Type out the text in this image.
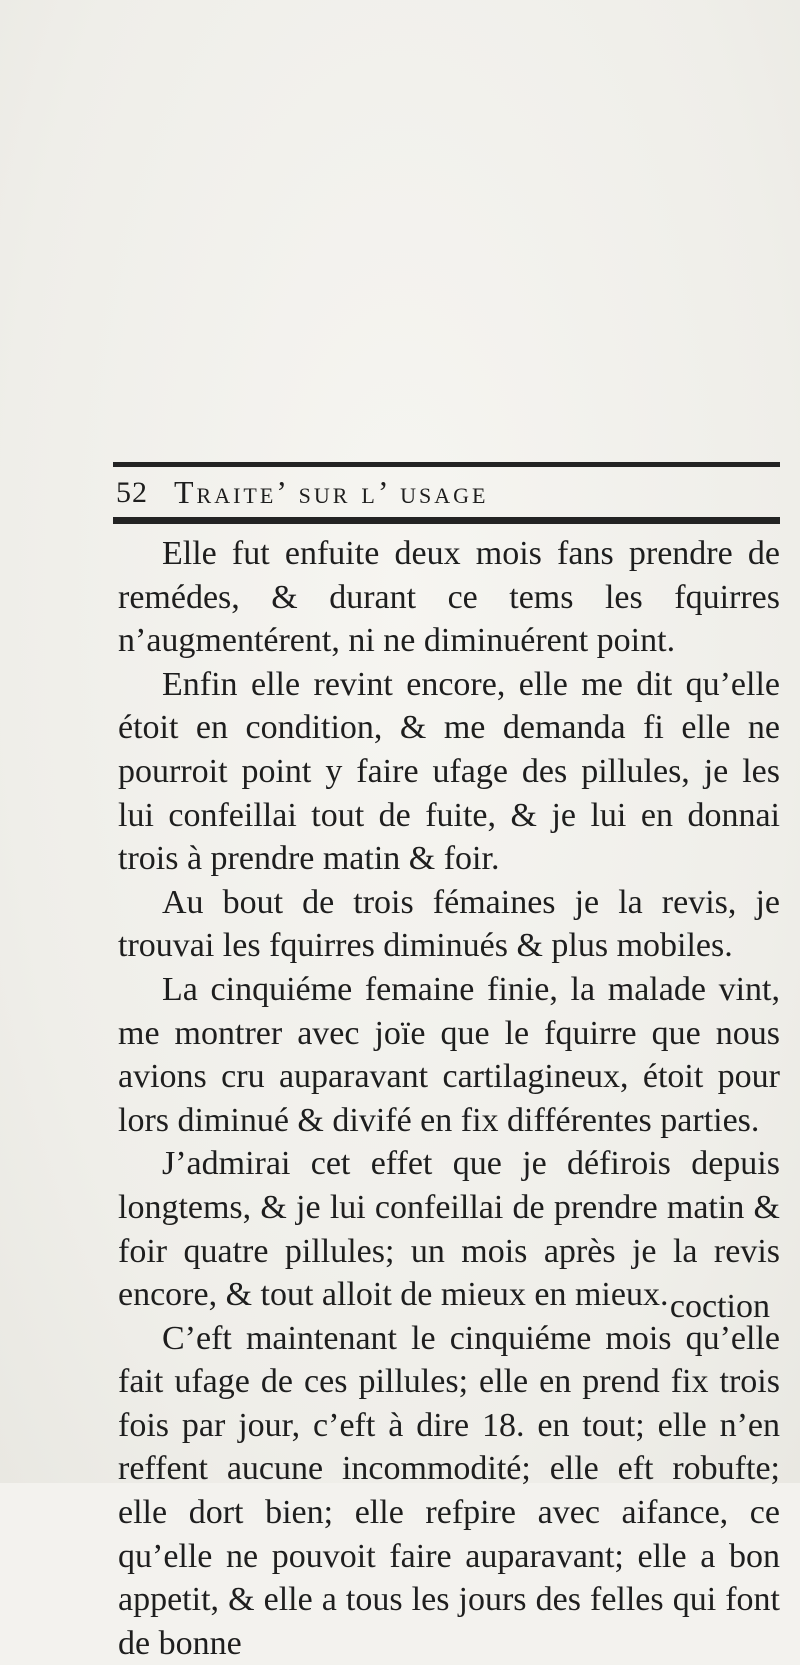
52 Traite’ sur l’ usage

Elle fut enfuite deux mois fans prendre de remédes, & durant ce tems les fquirres n’augmentérent, ni ne diminuérent point.

Enfin elle revint encore, elle me dit qu’elle étoit en condition, & me demanda fi elle ne pourroit point y faire ufage des pillules, je les lui confeillai tout de fuite, & je lui en donnai trois à prendre matin & foir.

Au bout de trois fémaines je la revis, je trouvai les fquirres diminués & plus mobiles.

La cinquiéme femaine finie, la malade vint, me montrer avec joïe que le fquirre que nous avions cru auparavant cartilagineux, étoit pour lors diminué & divifé en fix différentes parties.

J’admirai cet effet que je défirois depuis longtems, & je lui confeillai de prendre matin & foir quatre pillules; un mois après je la revis encore, & tout alloit de mieux en mieux.

C’eft maintenant le cinquiéme mois qu’elle fait ufage de ces pillules; elle en prend fix trois fois par jour, c’eft à dire 18. en tout; elle n’en reffent aucune incommodité; elle eft robufte; elle dort bien; elle refpire avec aifance, ce qu’elle ne pouvoit faire auparavant; elle a bon appetit, & elle a tous les jours des felles qui font de bonne

coction
